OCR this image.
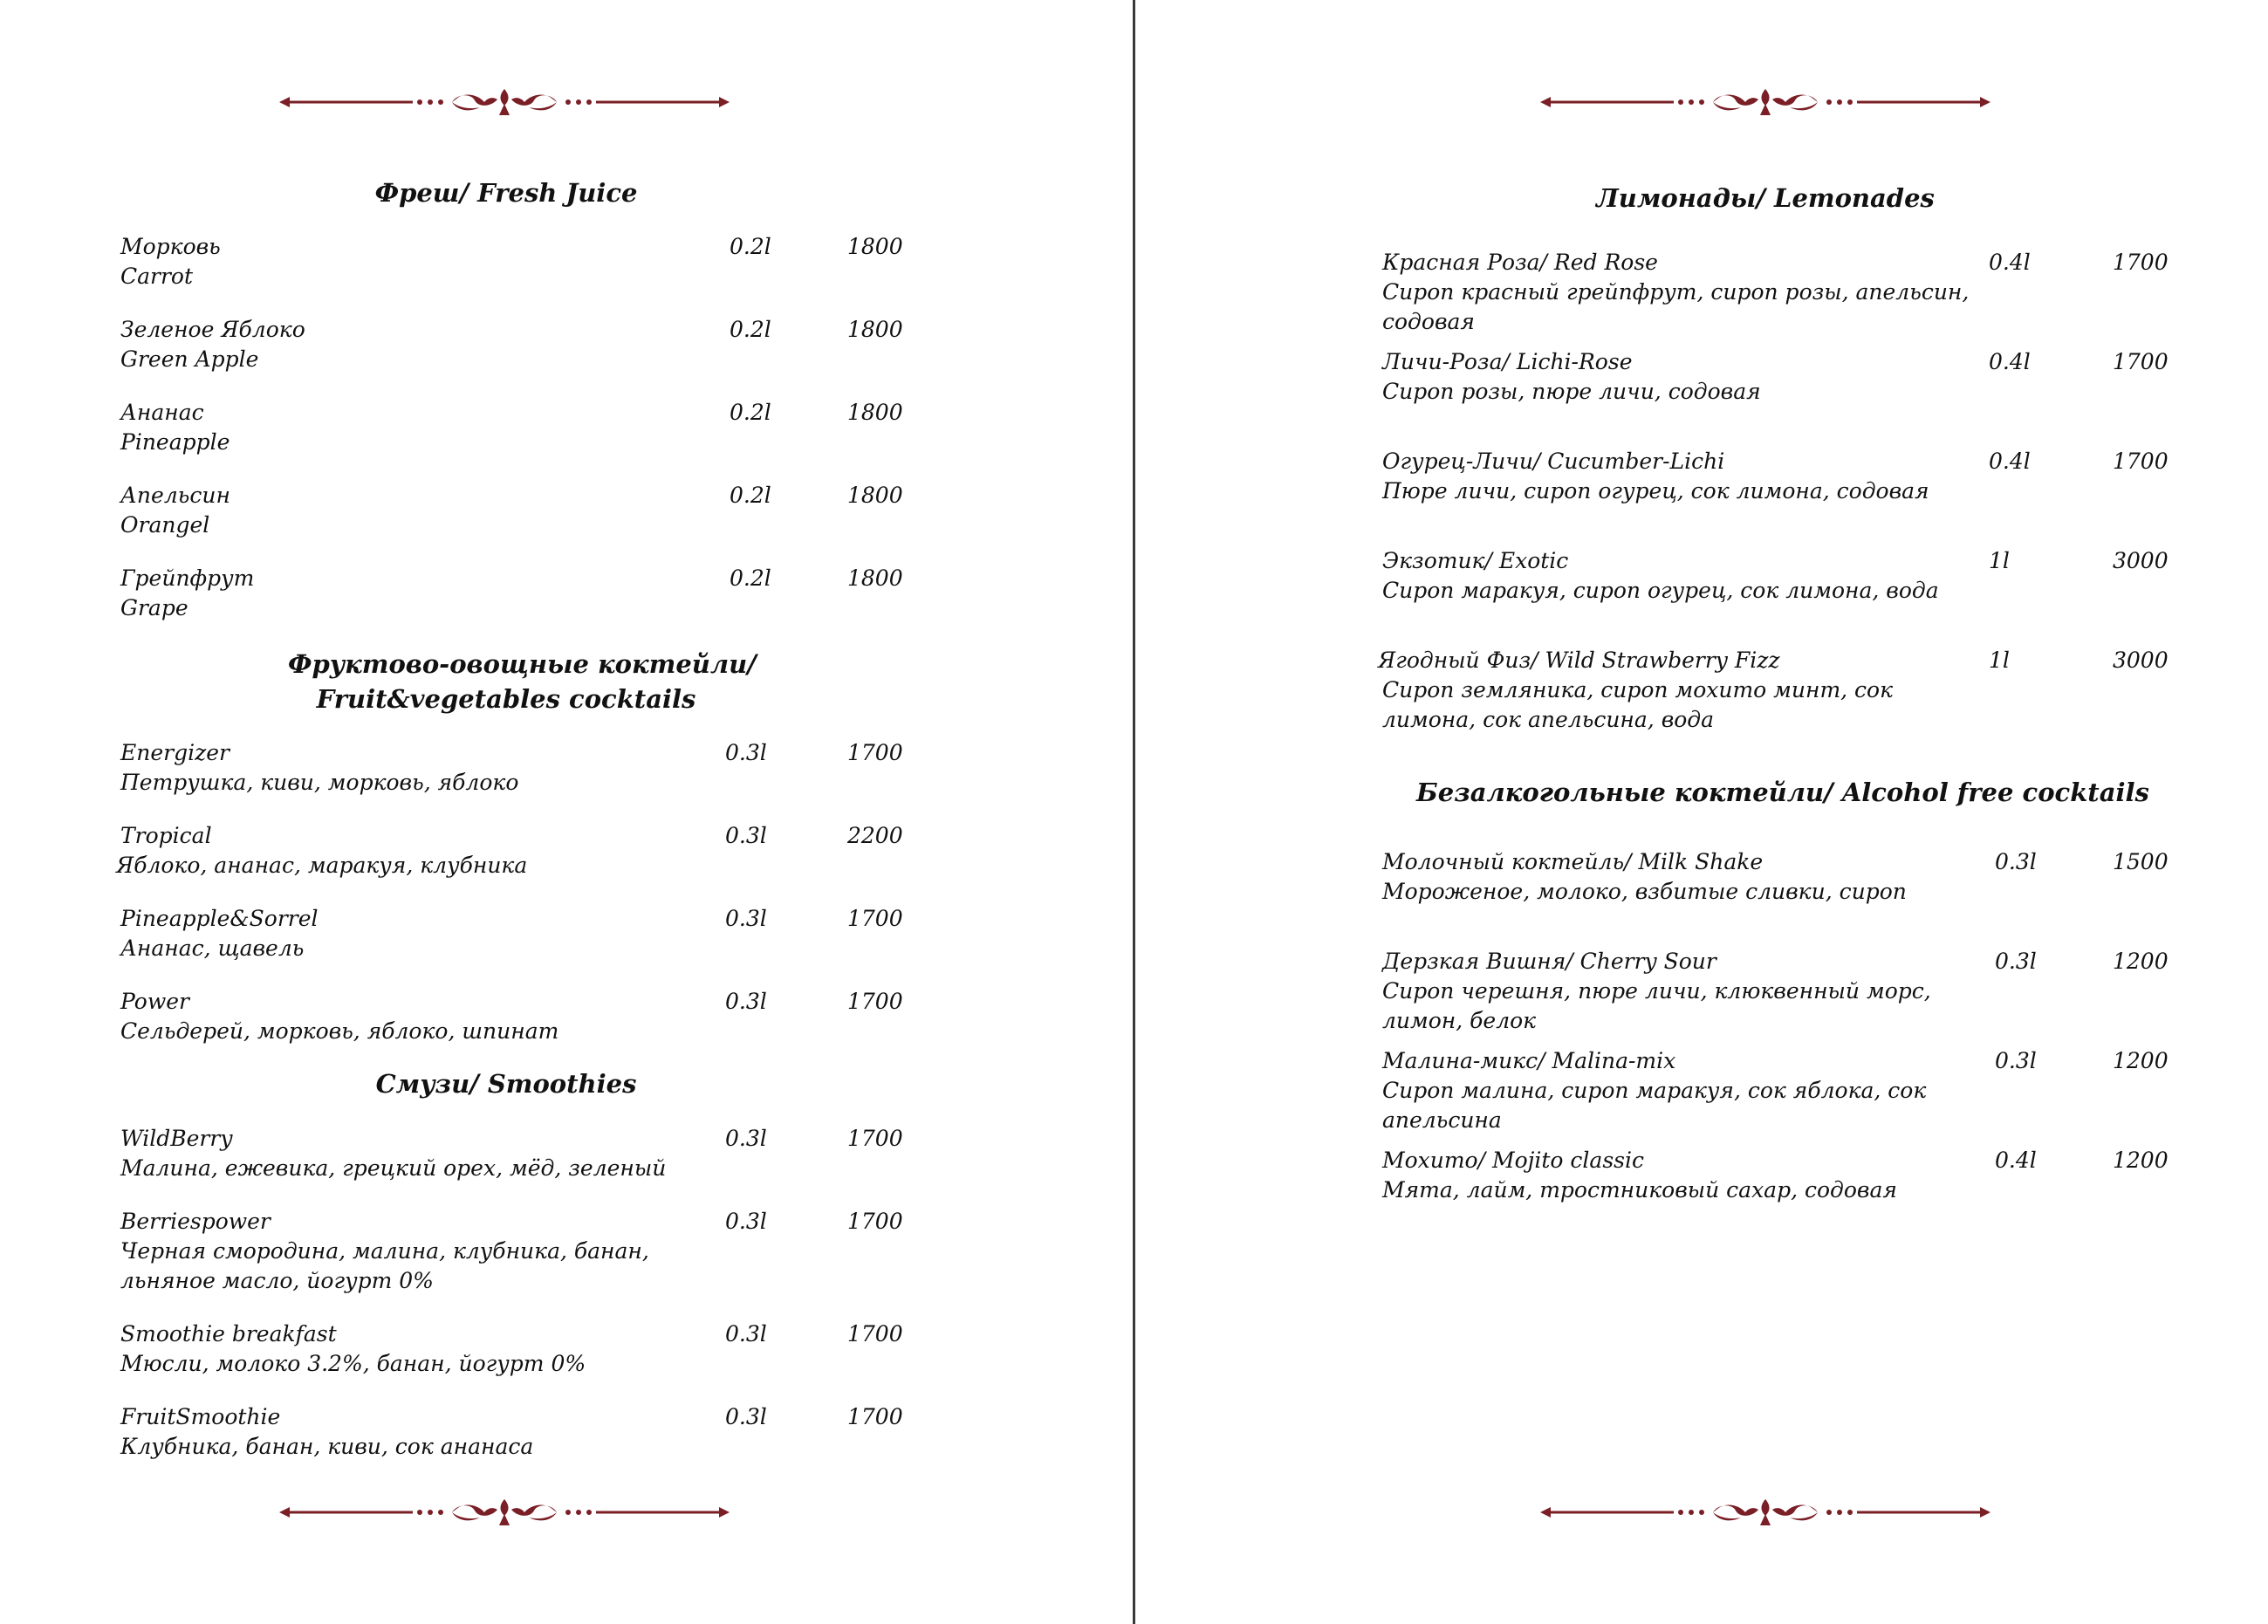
Фреш/ Fresh Juice
Морковь
Carrot
0.2l	1800
Зеленое Яблоко
Green Apple
0.2l	1800
Ананас
Pineapple
0.2l	1800
Апельсин
Orangel
0.2l	1800
Грейпфрут
Grape
0.2l	1800
Фруктово-овощные коктейли/
Fruit&vegetables cocktails
Energizer
Петрушка, киви, морковь, яблоко
0.3l	1700
Tropical
Яблоко, ананас, маракуя, клубника
0.3l	2200
Pineapple&Sorrel
Ананас, щавель
0.3l	1700
Power
Сельдерей, морковь, яблоко, шпинат
0.3l	1700
Смузи/ Smoothies
WildBerry
Малина, ежевика, грецкий орех, мёд, зеленый
0.3l	1700
Berriespower
Черная смородина, малина, клубника, банан, льняное масло, йогурт 0%
0.3l	1700
Smoothie breakfast
Мюсли, молоко 3.2%, банан, йогурт 0%
0.3l	1700
FruitSmoothie
Клубника, банан, киви, сок ананаса
0.3l	1700
Лимонады/ Lemonades
Красная Роза/ Red Rose
Сироп красный грейпфрут, сироп розы, апельсин, содовая
0.4l	1700
Личи-Роза/ Lichi-Rose
Сироп розы, пюре личи, содовая
0.4l	1700
Огурец-Личи/ Cucumber-Lichi
Пюре личи, сироп огурец, сок лимона, содовая
0.4l	1700
Экзотик/ Exotic
Сироп маракуя, сироп огурец, сок лимона, вода
1l	3000
Ягодный Физ/ Wild Strawberry Fizz
Сироп земляника, сироп мохито минт, сок лимона, сок апельсина, вода
1l	3000
Безалкогольные коктейли/ Alcohol free cocktails
Молочный коктейль/ Milk Shake
Мороженое, молоко, взбитые сливки, сироп
0.3l	1500
Дерзкая Вишня/ Cherry Sour
Сироп черешня, пюре личи, клюквенный морс, лимон, белок
0.3l	1200
Малина-микс/ Malina-mix
Сироп малина, сироп маракуя, сок яблока, сок апельсина
0.3l	1200
Мохито/ Mojito classic
Мята, лайм, тростниковый сахар, содовая
0.4l	1200
